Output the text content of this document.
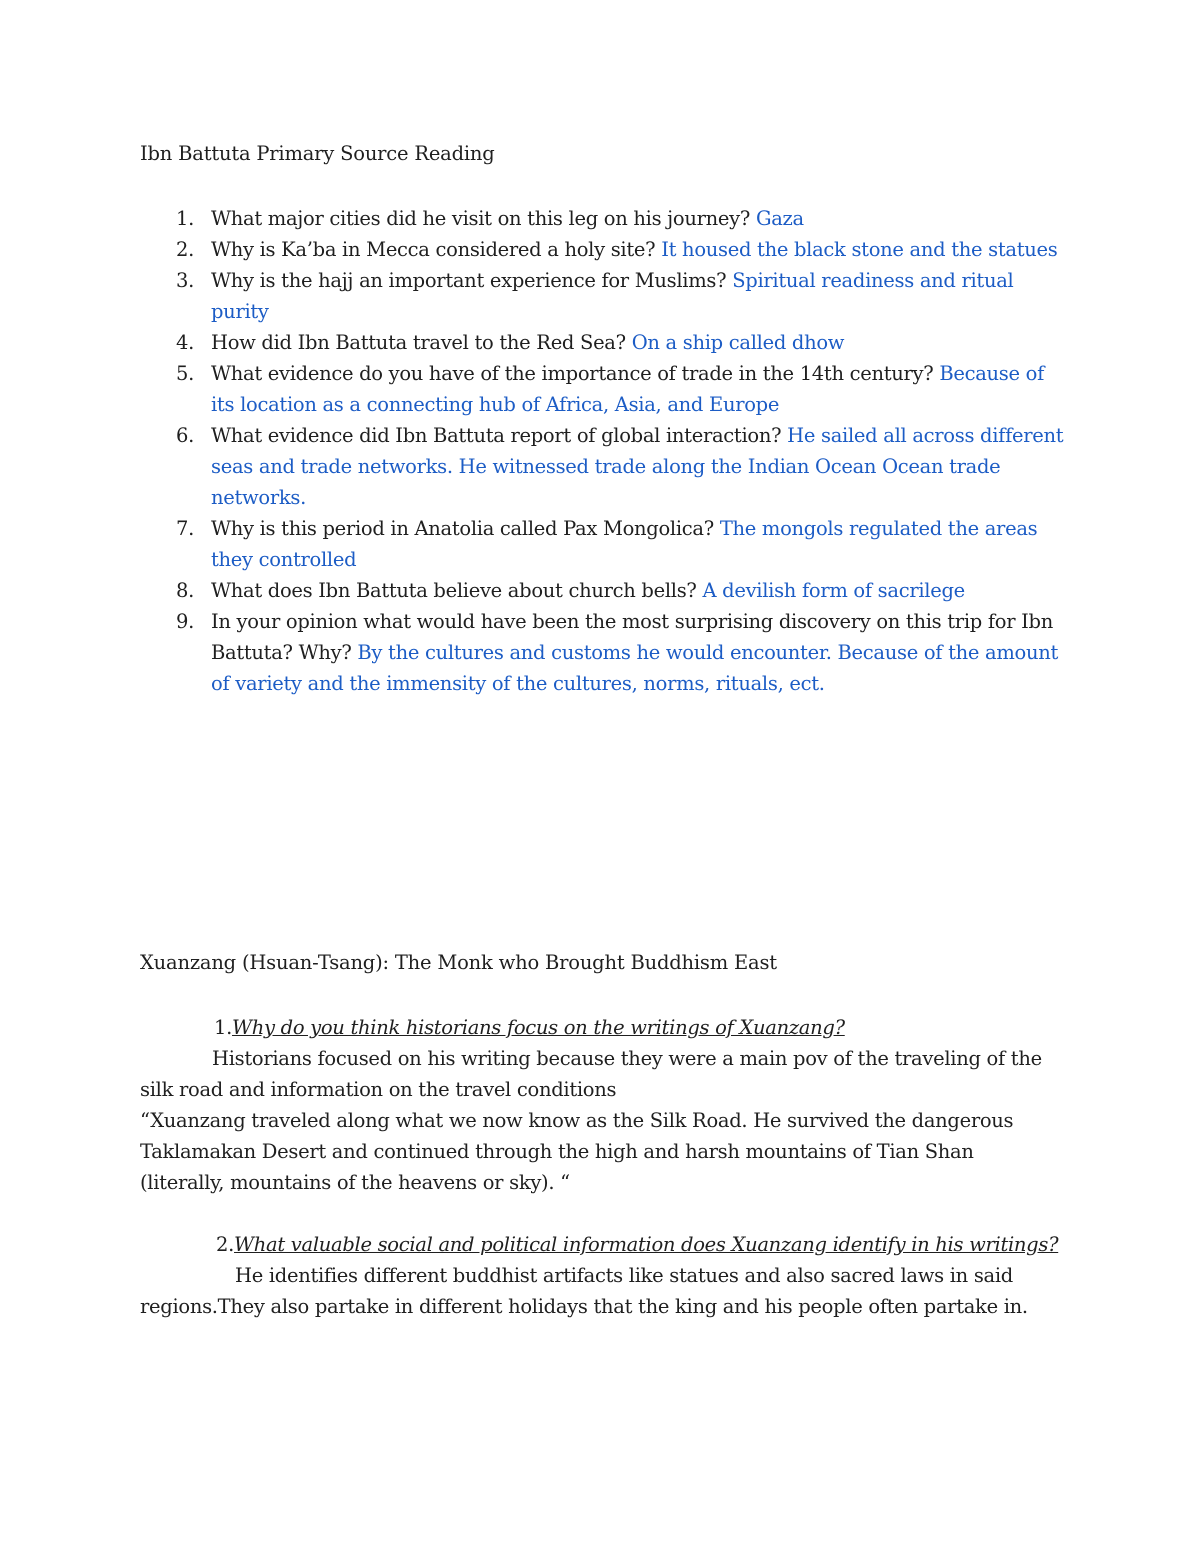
Ibn Battuta Primary Source Reading
1. What major cities did he visit on this leg on his journey? Gaza
2. Why is Ka’ba in Mecca considered a holy site? It housed the black stone and the statues
3. Why is the hajj an important experience for Muslims? Spiritual readiness and ritual purity
4. How did Ibn Battuta travel to the Red Sea? On a ship called dhow
5. What evidence do you have of the importance of trade in the 14th century? Because of its location as a connecting hub of Africa, Asia, and Europe
6. What evidence did Ibn Battuta report of global interaction? He sailed all across different seas and trade networks. He witnessed trade along the Indian Ocean Ocean trade networks.
7. Why is this period in Anatolia called Pax Mongolica? The mongols regulated the areas they controlled
8. What does Ibn Battuta believe about church bells? A devilish form of sacrilege
9. In your opinion what would have been the most surprising discovery on this trip for Ibn Battuta? Why? By the cultures and customs he would encounter. Because of the amount of variety and the immensity of the cultures, norms, rituals, ect.
Xuanzang (Hsuan-Tsang): The Monk who Brought Buddhism East
1.Why do you think historians focus on the writings of Xuanzang?
Historians focused on his writing because they were a main pov of the traveling of the silk road and information on the travel conditions
“Xuanzang traveled along what we now know as the Silk Road. He survived the dangerous Taklamakan Desert and continued through the high and harsh mountains of Tian Shan (literally, mountains of the heavens or sky). “
2.What valuable social and political information does Xuanzang identify in his writings?
He identifies different buddhist artifacts like statues and also sacred laws in said regions.They also partake in different holidays that the king and his people often partake in.
